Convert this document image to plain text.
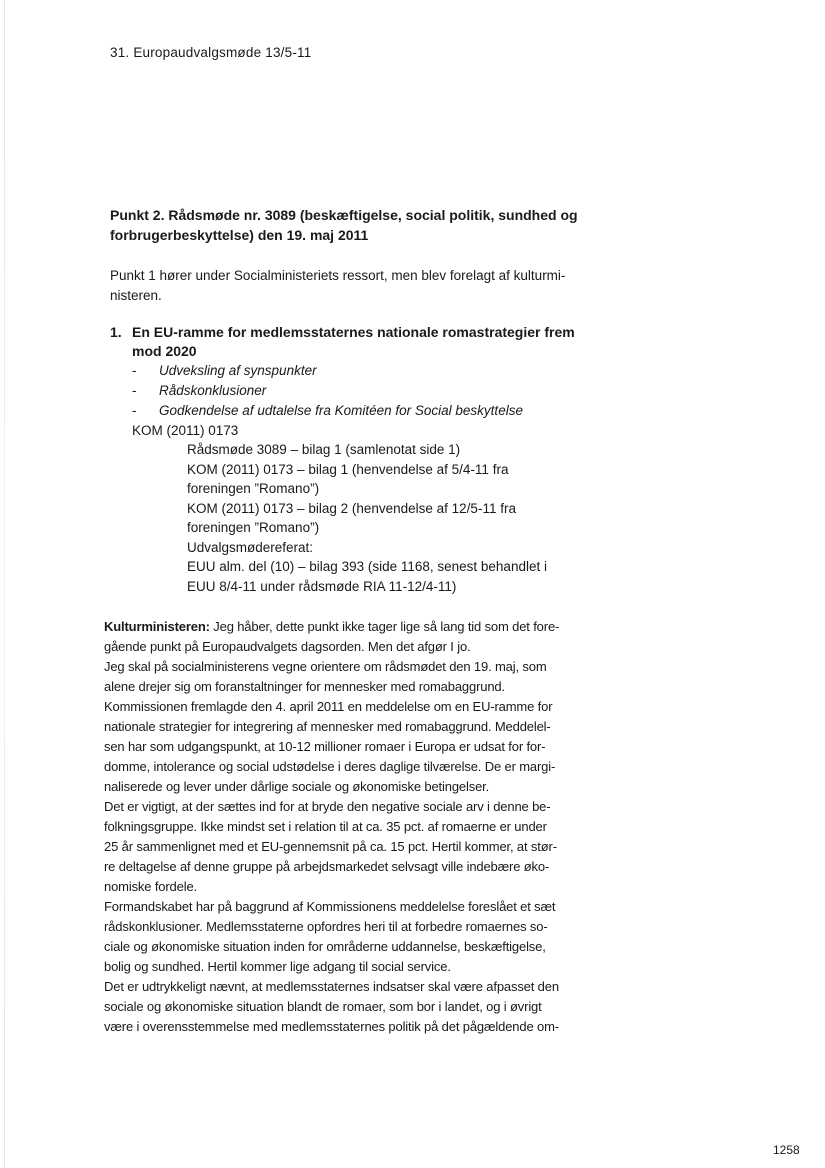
31. Europaudvalgsmøde 13/5-11
Punkt 2. Rådsmøde nr. 3089 (beskæftigelse, social politik, sundhed og
forbrugerbeskyttelse) den 19. maj 2011
Punkt 1 hører under Socialministeriets ressort, men blev forelagt af kulturmi-
nisteren.
1. En EU-ramme for medlemsstaternes nationale romastrategier frem
mod 2020
-	Udveksling af synspunkter
-	Rådskonklusioner
-	Godkendelse af udtalelse fra Komitéen for Social beskyttelse
KOM (2011) 0173
Rådsmøde 3089 – bilag 1 (samlenotat side 1)
KOM (2011) 0173 – bilag 1 (henvendelse af 5/4-11 fra
foreningen ”Romano”)
KOM (2011) 0173 – bilag 2 (henvendelse af 12/5-11 fra
foreningen ”Romano”)
Udvalgsmødereferat:
EUU alm. del (10) – bilag 393 (side 1168, senest behandlet i
EUU 8/4-11 under rådsmøde RIA 11-12/4-11)

Kulturministeren: Jeg håber, dette punkt ikke tager lige så lang tid som det fore-

gående punkt på Europaudvalgets dagsorden. Men det afgør I jo.

Jeg skal på socialministerens vegne orientere om rådsmødet den 19. maj, som

alene drejer sig om foranstaltninger for mennesker med romabaggrund.

Kommissionen fremlagde den 4. april 2011 en meddelelse om en EU-ramme for

nationale strategier for integrering af mennesker med romabaggrund. Meddelel-

sen har som udgangspunkt, at 10-12 millioner romaer i Europa er udsat for for-

domme, intolerance og social udstødelse i deres daglige tilværelse. De er margi-

naliserede og lever under dårlige sociale og økonomiske betingelser.

Det er vigtigt, at der sættes ind for at bryde den negative sociale arv i denne be-

folkningsgruppe. Ikke mindst set i relation til at ca. 35 pct. af romaerne er under

25 år sammenlignet med et EU-gennemsnit på ca. 15 pct. Hertil kommer, at stør-

re deltagelse af denne gruppe på arbejdsmarkedet selvsagt ville indebære øko-

nomiske fordele.

Formandskabet har på baggrund af Kommissionens meddelelse foreslået et sæt

rådskonklusioner. Medlemsstaterne opfordres heri til at forbedre romaernes so-

ciale og økonomiske situation inden for områderne uddannelse, beskæftigelse,

bolig og sundhed. Hertil kommer lige adgang til social service.

Det er udtrykkeligt nævnt, at medlemsstaternes indsatser skal være afpasset den

sociale og økonomiske situation blandt de romaer, som bor i landet, og i øvrigt

være i overensstemmelse med medlemsstaternes politik på det pågældende om-

1258
